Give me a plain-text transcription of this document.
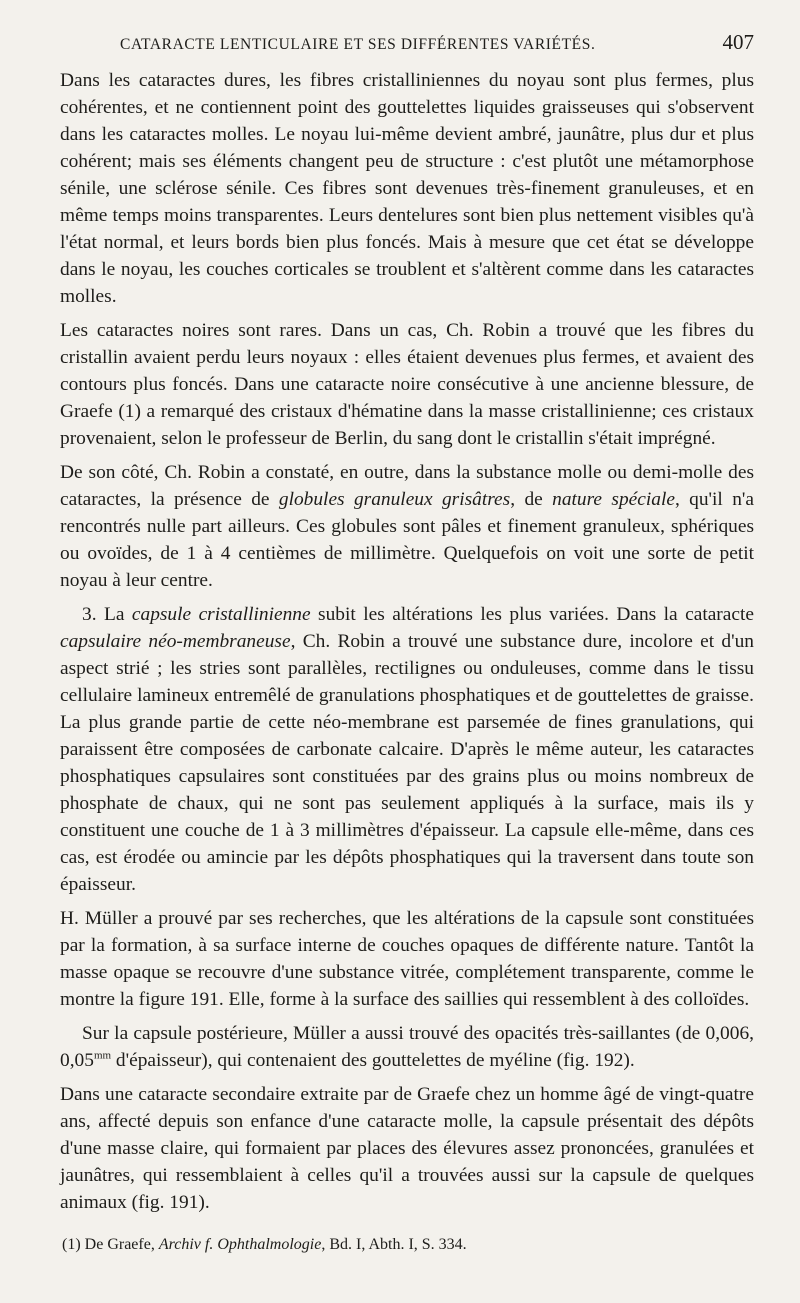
CATARACTE LENTICULAIRE ET SES DIFFÉRENTES VARIÉTÉS.	407

Dans les cataractes dures, les fibres cristalliniennes du noyau sont plus fermes, plus cohérentes, et ne contiennent point des gouttelettes liquides graisseuses qui s'observent dans les cataractes molles. Le noyau lui-même devient ambré, jaunâtre, plus dur et plus cohérent; mais ses éléments changent peu de structure : c'est plutôt une métamorphose sénile, une sclérose sénile. Ces fibres sont devenues très-finement granuleuses, et en même temps moins transparentes. Leurs dentelures sont bien plus nettement visibles qu'à l'état normal, et leurs bords bien plus foncés. Mais à mesure que cet état se développe dans le noyau, les couches corticales se troublent et s'altèrent comme dans les cataractes molles.

Les cataractes noires sont rares. Dans un cas, Ch. Robin a trouvé que les fibres du cristallin avaient perdu leurs noyaux : elles étaient devenues plus fermes, et avaient des contours plus foncés. Dans une cataracte noire consécutive à une ancienne blessure, de Graefe (1) a remarqué des cristaux d'hématine dans la masse cristallinienne; ces cristaux provenaient, selon le professeur de Berlin, du sang dont le cristallin s'était imprégné.

De son côté, Ch. Robin a constaté, en outre, dans la substance molle ou demi-molle des cataractes, la présence de globules granuleux grisâtres, de nature spéciale, qu'il n'a rencontrés nulle part ailleurs. Ces globules sont pâles et finement granuleux, sphériques ou ovoïdes, de 1 à 4 centièmes de millimètre. Quelquefois on voit une sorte de petit noyau à leur centre.

3. La capsule cristallinienne subit les altérations les plus variées. Dans la cataracte capsulaire néo-membraneuse, Ch. Robin a trouvé une substance dure, incolore et d'un aspect strié ; les stries sont parallèles, rectilignes ou onduleuses, comme dans le tissu cellulaire lamineux entremêlé de granulations phosphatiques et de gouttelettes de graisse. La plus grande partie de cette néo-membrane est parsemée de fines granulations, qui paraissent être composées de carbonate calcaire. D'après le même auteur, les cataractes phosphatiques capsulaires sont constituées par des grains plus ou moins nombreux de phosphate de chaux, qui ne sont pas seulement appliqués à la surface, mais ils y constituent une couche de 1 à 3 millimètres d'épaisseur. La capsule elle-même, dans ces cas, est érodée ou amincie par les dépôts phosphatiques qui la traversent dans toute son épaisseur.

H. Müller a prouvé par ses recherches, que les altérations de la capsule sont constituées par la formation, à sa surface interne de couches opaques de différente nature. Tantôt la masse opaque se recouvre d'une substance vitrée, complétement transparente, comme le montre la figure 191. Elle, forme à la surface des saillies qui ressemblent à des colloïdes.

Sur la capsule postérieure, Müller a aussi trouvé des opacités très-saillantes (de 0,006, $0,05^{mm}$ d'épaisseur), qui contenaient des gouttelettes de myéline (fig. 192).

Dans une cataracte secondaire extraite par de Graefe chez un homme âgé de vingt-quatre ans, affecté depuis son enfance d'une cataracte molle, la capsule présentait des dépôts d'une masse claire, qui formaient par places des élevures assez prononcées, granulées et jaunâtres, qui ressemblaient à celles qu'il a trouvées aussi sur la capsule de quelques animaux (fig. 191).

(1) De Graefe, Archiv f. Ophthalmologie, Bd. I, Abth. I, S. 334.
